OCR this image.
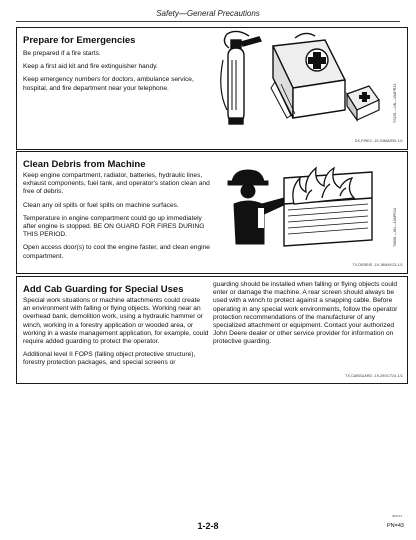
Safety—General Precautions
Prepare for Emergencies

Be prepared if a fire starts.

Keep a first aid kit and fire extinguisher handy.

Keep emergency numbers for doctors, ambulance service, hospital, and fire department near your telephone.	TS291 —UN—15APR13
DX,FIRE2 -19-03MAR93-1/1
Clean Debris from Machine

Keep engine compartment, radiator, batteries, hydraulic lines, exhaust components, fuel tank, and operator's station clean and free of debris.

Clean any oil spills or fuel spills on machine surfaces.

Temperature in engine compartment could go up immediately after engine is stopped. BE ON GUARD FOR FIRES DURING THIS PERIOD.

Open access door(s) to cool the engine faster, and clean engine compartment.

T6808 —UN—15APR13
TX,DEBRIS -19-18MAY23-1/1
Add Cab Guarding for Special Uses

Special work situations or machine attachments could create an environment with falling or flying objects. Working near an overhead bank, demolition work, using a hydraulic hammer or winch, working in a forestry application or wooded area, or working in a waste management application, for example, could require added guarding to protect the operator.

Additional level II FOPS (falling object protective structure), forestry protection packages, and special screens or

guarding should be installed when falling or flying objects could enter or damage the machine. A rear screen should always be used with a winch to protect against a snapping cable. Before operating in any special work environments, follow the operator protection recommendations of the manufacturer of any specialized attachment or equipment. Contact your authorized John Deere dealer or other service provider for information on protective guarding.

TX,CABGUARD -19-29OCT24-1/1
060124
1-2-8	PN=43
